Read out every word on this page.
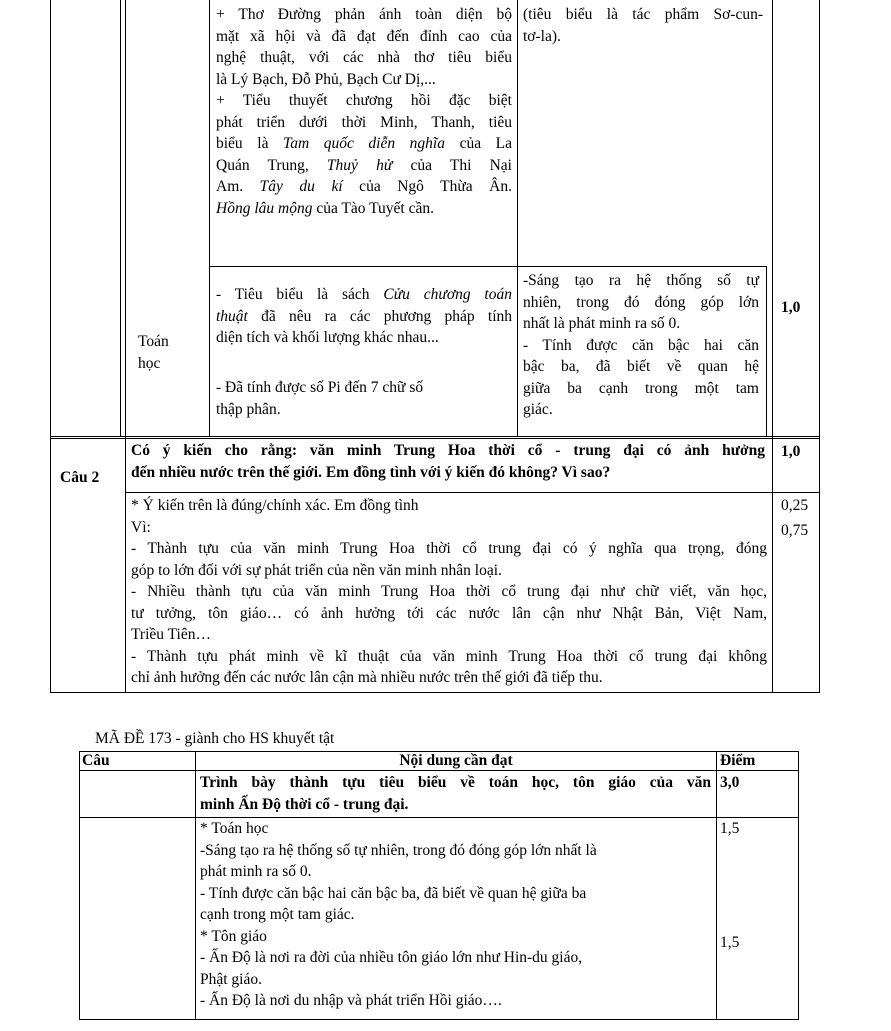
+ Thơ Đường phản ánh toàn diện bộ
mặt xã hội và đã đạt đến đỉnh cao của
nghệ thuật, với các nhà thơ tiêu biểu
là Lý Bạch, Đỗ Phủ, Bạch Cư Dị,...
+ Tiểu thuyết chương hồi đặc biệt
phát triển dưới thời Minh, Thanh, tiêu
biểu là Tam quốc diễn nghĩa của La
Quán Trung, Thuỷ hử của Thi Nại
Am. Tây du kí của Ngô Thừa Ân.
Hồng lâu mộng của Tào Tuyết cần.
(tiêu biểu là tác phẩm Sơ-cun-
tơ-la).
Toán
học
- Tiêu biểu là sách Cửu chương toán
thuật đã nêu ra các phương pháp tính
diện tích và khối lượng khác nhau...
- Đã tính được số Pi đến 7 chữ số
thập phân.
-Sáng tạo ra hệ thống số tự
nhiên, trong đó đóng góp lớn
nhất là phát minh ra số 0.
- Tính được căn bậc hai căn
bậc ba, đã biết về quan hệ
giữa ba cạnh trong một tam
giác.
1,0
Câu 2
Có ý kiến cho rằng: văn minh Trung Hoa thời cổ - trung đại có ảnh hưởng
đến nhiều nước trên thế giới. Em đồng tình với ý kiến đó không? Vì sao?
1,0
* Ý kiến trên là đúng/chính xác. Em đồng tình
Vì:
- Thành tựu của văn minh Trung Hoa thời cổ trung đại có ý nghĩa qua trọng, đóng
góp to lớn đối với sự phát triển của nền văn minh nhân loại.
- Nhiều thành tựu của văn minh Trung Hoa thời cổ trung đại như chữ viết, văn học,
tư tưởng, tôn giáo… có ảnh hưởng tới các nước lân cận như Nhật Bản, Việt Nam,
Triều Tiên…
- Thành tựu phát minh về kĩ thuật của văn minh Trung Hoa thời cổ trung đại không
chỉ ảnh hưởng đến các nước lân cận mà nhiều nước trên thế giới đã tiếp thu.
0,25
0,75
MÃ ĐỀ 173 - giành cho HS khuyết tật
Câu	Nội dung cần đạt	Điểm
Trình bày thành tựu tiêu biểu về toán học, tôn giáo của văn
minh Ấn Độ thời cổ - trung đại.
3,0
* Toán học
-Sáng tạo ra hệ thống số tự nhiên, trong đó đóng góp lớn nhất là
phát minh ra số 0.
- Tính được căn bậc hai căn bậc ba, đã biết về quan hệ giữa ba
cạnh trong một tam giác.
* Tôn giáo
- Ấn Độ là nơi ra đời của nhiều tôn giáo lớn như Hin-du giáo,
Phật giáo.
- Ấn Độ là nơi du nhập và phát triển Hồi giáo….
1,5
1,5
